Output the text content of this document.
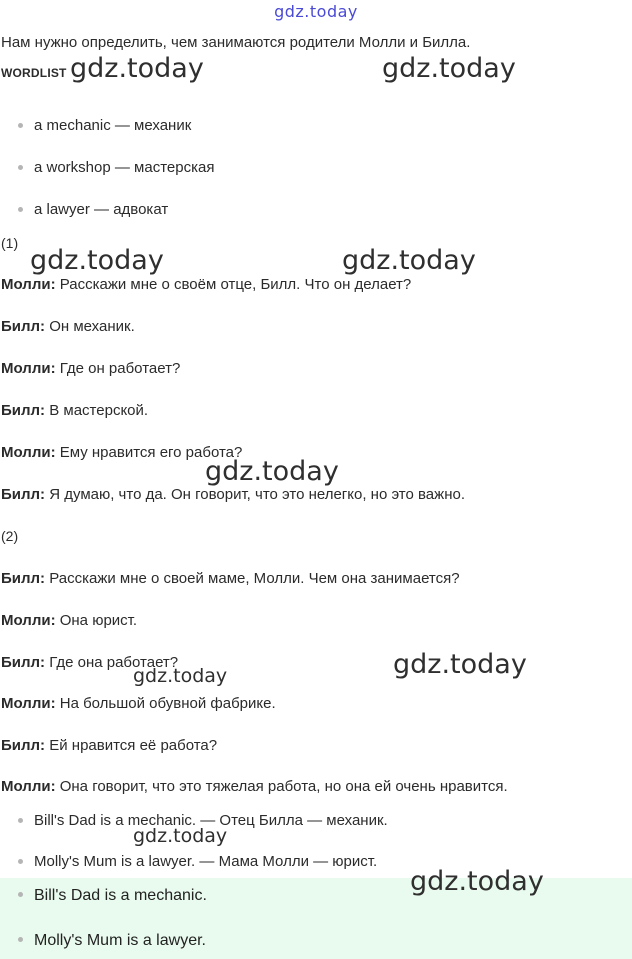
gdz.today
Нам нужно определить, чем занимаются родители Молли и Билла.
WORDLIST
a mechanic — механик
a workshop — мастерская
a lawyer — адвокат
(1)
Молли: Расскажи мне о своём отце, Билл. Что он делает?
Билл: Он механик.
Молли: Где он работает?
Билл: В мастерской.
Молли: Ему нравится его работа?
Билл: Я думаю, что да. Он говорит, что это нелегко, но это важно.
(2)
Билл: Расскажи мне о своей маме, Молли. Чем она занимается?
Молли: Она юрист.
Билл: Где она работает?
Молли: На большой обувной фабрике.
Билл: Ей нравится её работа?
Молли: Она говорит, что это тяжелая работа, но она ей очень нравится.
Bill's Dad is a mechanic. — Отец Билла — механик.
Molly's Mum is a lawyer. — Мама Молли — юрист.
Bill's Dad is a mechanic.
Molly's Mum is a lawyer.
gdz.today	gdz.today
gdz.today	gdz.today
gdz.today
gdz.today
gdz.today
gdz.today
gdz.today
